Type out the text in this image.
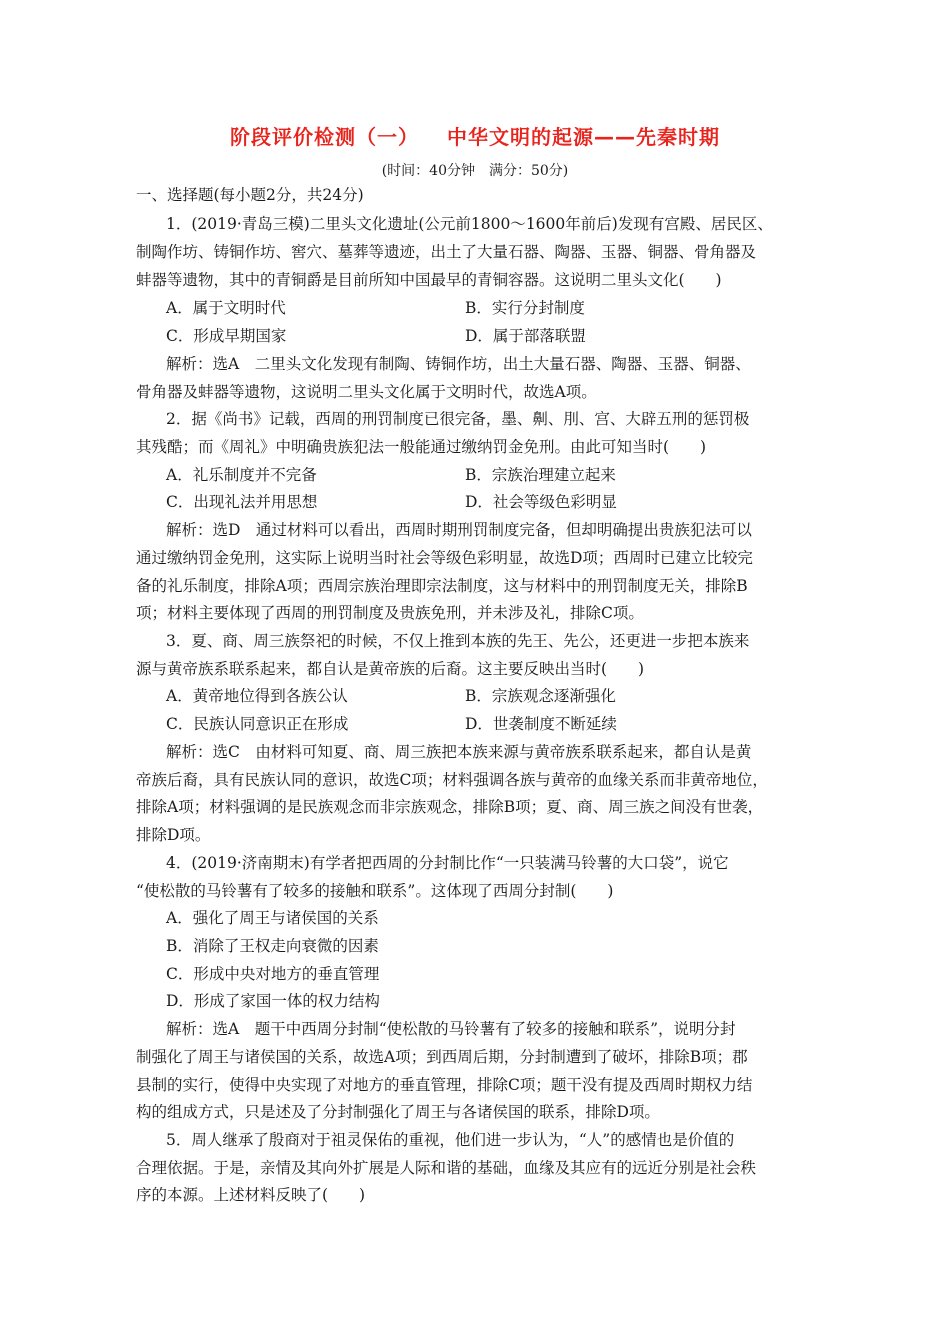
阶段评价检测（一） 中华文明的起源——先秦时期
(时间：40分钟　满分：50分)
一、选择题(每小题2分，共24分)
1．(2019·青岛三模)二里头文化遗址(公元前1800～1600年前后)发现有宫殿、居民区、
制陶作坊、铸铜作坊、窖穴、墓葬等遗迹，出土了大量石器、陶器、玉器、铜器、骨角器及
蚌器等遗物，其中的青铜爵是目前所知中国最早的青铜容器。这说明二里头文化(　　)
A．属于文明时代	B．实行分封制度
C．形成早期国家	D．属于部落联盟
解析：选A　二里头文化发现有制陶、铸铜作坊，出土大量石器、陶器、玉器、铜器、
骨角器及蚌器等遗物，这说明二里头文化属于文明时代，故选A项。
2．据《尚书》记载，西周的刑罚制度已很完备，墨、劓、刖、宫、大辟五刑的惩罚极
其残酷；而《周礼》中明确贵族犯法一般能通过缴纳罚金免刑。由此可知当时(　　)
A．礼乐制度并不完备	B．宗族治理建立起来
C．出现礼法并用思想	D．社会等级色彩明显
解析：选D　通过材料可以看出，西周时期刑罚制度完备，但却明确提出贵族犯法可以
通过缴纳罚金免刑，这实际上说明当时社会等级色彩明显，故选D项；西周时已建立比较完
备的礼乐制度，排除A项；西周宗族治理即宗法制度，这与材料中的刑罚制度无关，排除B
项；材料主要体现了西周的刑罚制度及贵族免刑，并未涉及礼，排除C项。
3．夏、商、周三族祭祀的时候，不仅上推到本族的先王、先公，还更进一步把本族来
源与黄帝族系联系起来，都自认是黄帝族的后裔。这主要反映出当时(　　)
A．黄帝地位得到各族公认	B．宗族观念逐渐强化
C．民族认同意识正在形成	D．世袭制度不断延续
解析：选C　由材料可知夏、商、周三族把本族来源与黄帝族系联系起来，都自认是黄
帝族后裔，具有民族认同的意识，故选C项；材料强调各族与黄帝的血缘关系而非黄帝地位，
排除A项；材料强调的是民族观念而非宗族观念，排除B项；夏、商、周三族之间没有世袭，
排除D项。
4．(2019·济南期末)有学者把西周的分封制比作“一只装满马铃薯的大口袋”，说它
“使松散的马铃薯有了较多的接触和联系”。这体现了西周分封制(　　)
A．强化了周王与诸侯国的关系
B．消除了王权走向衰微的因素
C．形成中央对地方的垂直管理
D．形成了家国一体的权力结构
解析：选A　题干中西周分封制“使松散的马铃薯有了较多的接触和联系”，说明分封
制强化了周王与诸侯国的关系，故选A项；到西周后期，分封制遭到了破坏，排除B项；郡
县制的实行，使得中央实现了对地方的垂直管理，排除C项；题干没有提及西周时期权力结
构的组成方式，只是述及了分封制强化了周王与各诸侯国的联系，排除D项。
5．周人继承了殷商对于祖灵保佑的重视，他们进一步认为，“人”的感情也是价值的
合理依据。于是，亲情及其向外扩展是人际和谐的基础，血缘及其应有的远近分别是社会秩
序的本源。上述材料反映了(　　)
